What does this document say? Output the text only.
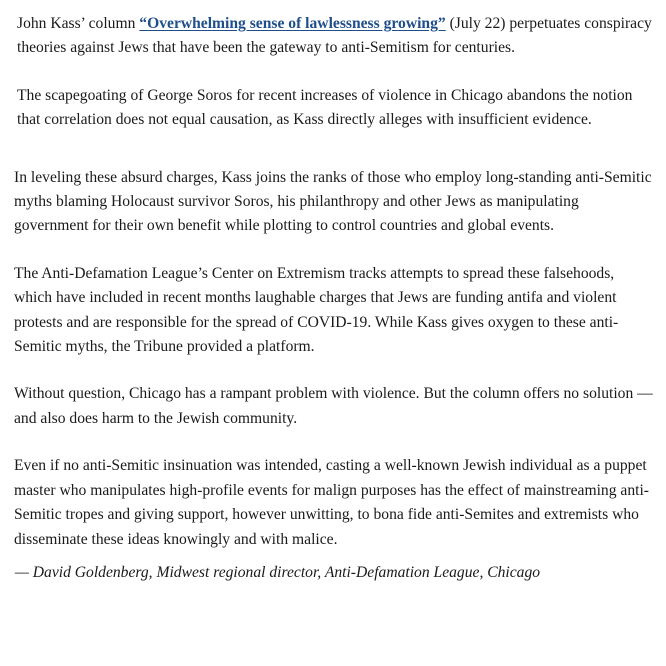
John Kass’ column “Overwhelming sense of lawlessness growing” (July 22) perpetuates conspiracy theories against Jews that have been the gateway to anti-Semitism for centuries.

The scapegoating of George Soros for recent increases of violence in Chicago abandons the notion that correlation does not equal causation, as Kass directly alleges with insufficient evidence.

In leveling these absurd charges, Kass joins the ranks of those who employ long-standing anti-Semitic myths blaming Holocaust survivor Soros, his philanthropy and other Jews as manipulating government for their own benefit while plotting to control countries and global events.

The Anti-Defamation League’s Center on Extremism tracks attempts to spread these falsehoods, which have included in recent months laughable charges that Jews are funding antifa and violent protests and are responsible for the spread of COVID-19. While Kass gives oxygen to these anti-Semitic myths, the Tribune provided a platform.

Without question, Chicago has a rampant problem with violence. But the column offers no solution — and also does harm to the Jewish community.

Even if no anti-Semitic insinuation was intended, casting a well-known Jewish individual as a puppet master who manipulates high-profile events for malign purposes has the effect of mainstreaming anti-Semitic tropes and giving support, however unwitting, to bona fide anti-Semites and extremists who disseminate these ideas knowingly and with malice.

— David Goldenberg, Midwest regional director, Anti-Defamation League, Chicago
